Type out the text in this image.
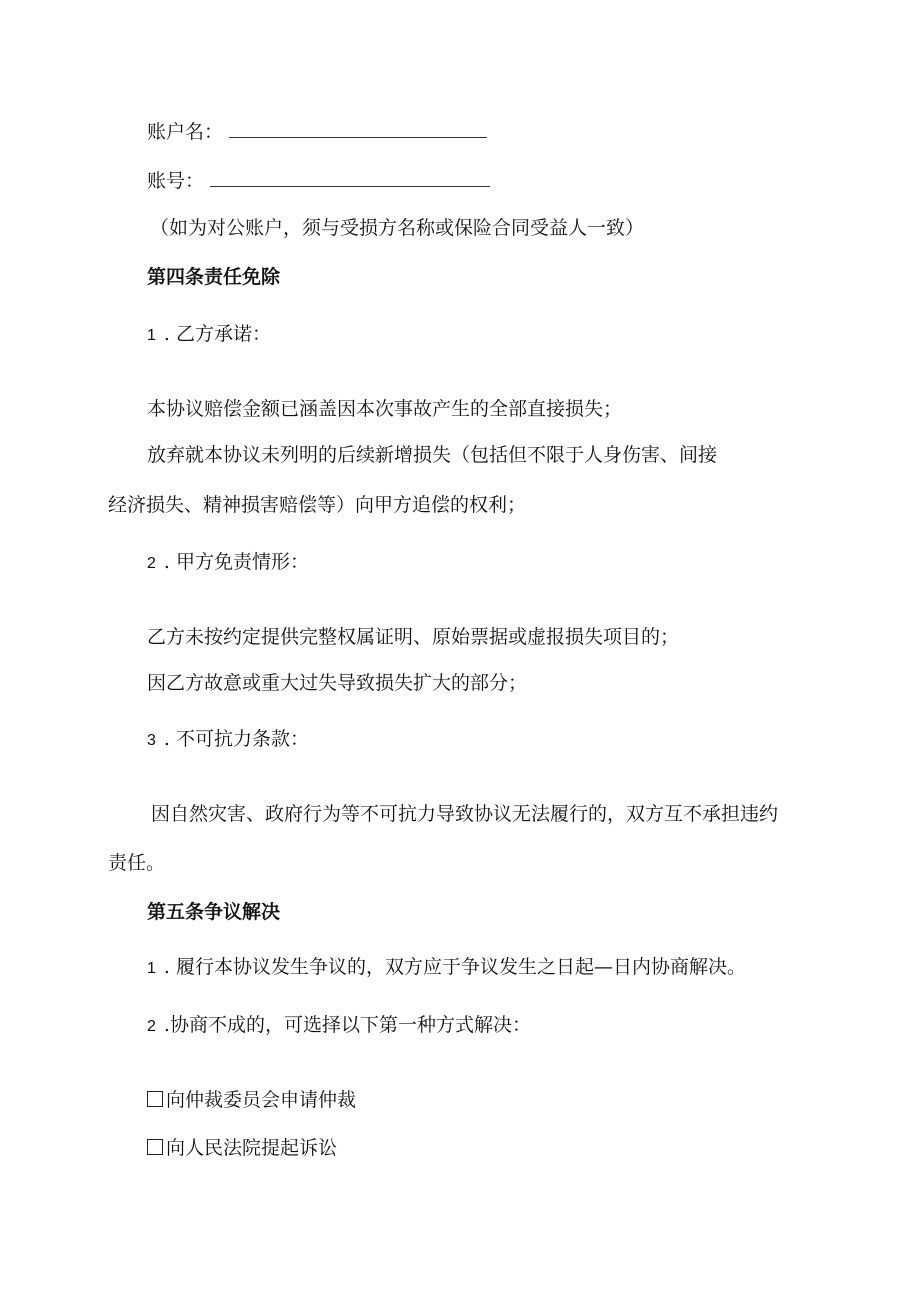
账户名：
账号：
（如为对公账户，须与受损方名称或保险合同受益人一致）
第四条责任免除
1 . 乙方承诺：
本协议赔偿金额已涵盖因本次事故产生的全部直接损失；
放弃就本协议未列明的后续新增损失（包括但不限于人身伤害、间接
经济损失、精神损害赔偿等）向甲方追偿的权利；
2 . 甲方免责情形：
乙方未按约定提供完整权属证明、原始票据或虚报损失项目的；
因乙方故意或重大过失导致损失扩大的部分；
3 . 不可抗力条款：
因自然灾害、政府行为等不可抗力导致协议无法履行的，双方互不承担违约
责任。
第五条争议解决
1 . 履行本协议发生争议的，双方应于争议发生之日起—日内协商解决。
2 .协商不成的，可选择以下第一种方式解决：
向仲裁委员会申请仲裁
向人民法院提起诉讼
